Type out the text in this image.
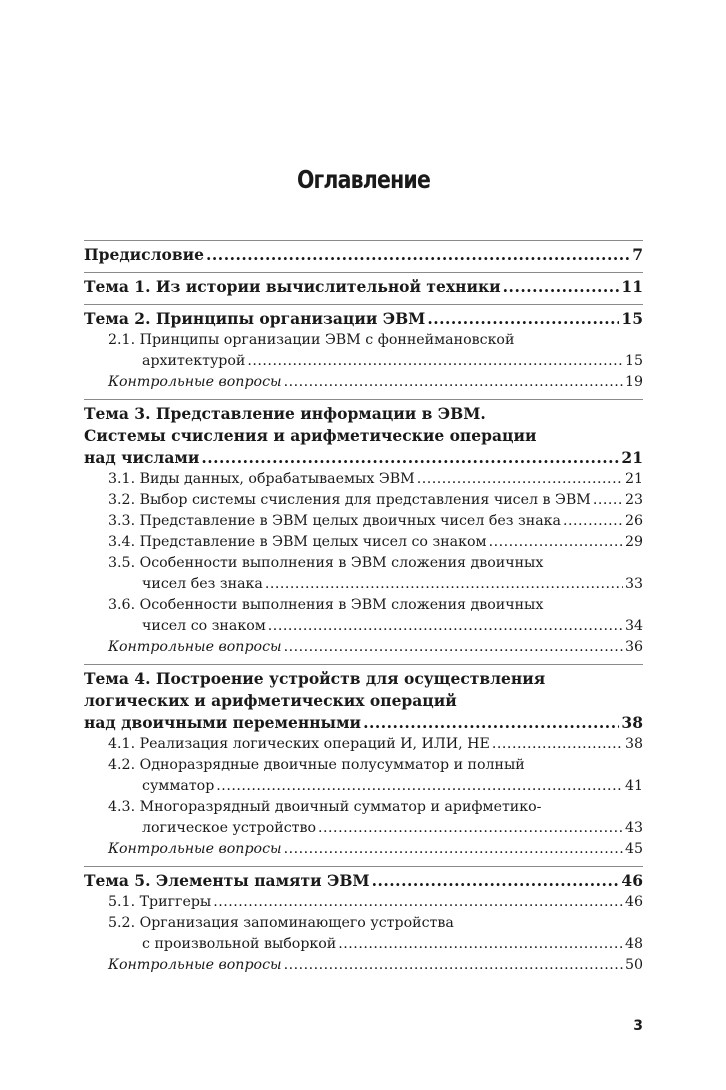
Оглавление
Предисловие .....	7
Тема 1. Из истории вычислительной техники .....	11
Тема 2. Принципы организации ЭВМ .....	15
2.1. Принципы организации ЭВМ с фоннеймановской
архитектурой .....	15
Контрольные вопросы .....	19
Тема 3. Представление информации в ЭВМ.
Системы счисления и арифметические операции
над числами .....	21
3.1. Виды данных, обрабатываемых ЭВМ .....	21
3.2. Выбор системы счисления для представления чисел в ЭВМ ..... 23
3.3. Представление в ЭВМ целых двоичных чисел без знака .....	26
3.4. Представление в ЭВМ целых чисел со знаком .....	29
3.5. Особенности выполнения в ЭВМ сложения двоичных
чисел без знака .....	33
3.6. Особенности выполнения в ЭВМ сложения двоичных
чисел со знаком .....	34
Контрольные вопросы .....	36
Тема 4. Построение устройств для осуществления
логических и арифметических операций
над двоичными переменными .....	38
4.1. Реализация логических операций И, ИЛИ, НЕ .....	38
4.2. Одноразрядные двоичные полусумматор и полный
сумматор .....	41
4.3. Многоразрядный двоичный сумматор и арифметико-
логическое устройство .....	43
Контрольные вопросы .....	45
Тема 5. Элементы памяти ЭВМ .....	46
5.1. Триггеры .....	46
5.2. Организация запоминающего устройства
с произвольной выборкой .....	48
Контрольные вопросы .....	50
3
